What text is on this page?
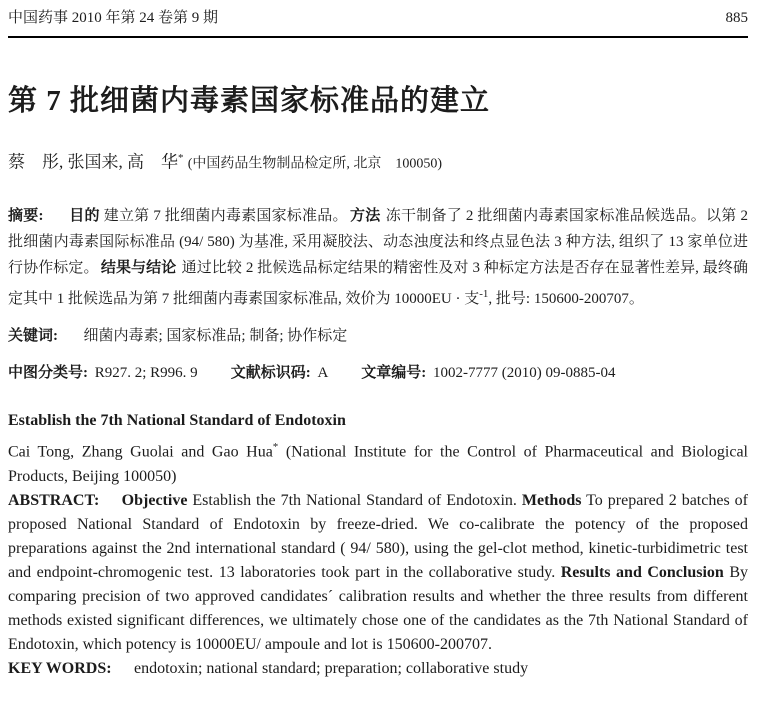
中国药事 2010 年第 24 卷第 9 期	885
第 7 批细菌内毒素国家标准品的建立

蔡　彤, 张国来, 高　华* (中国药品生物制品检定所, 北京　100050)

摘要: 目的 建立第 7 批细菌内毒素国家标准品。 方法 冻干制备了 2 批细菌内毒素国家标准品候选品。以第 2 批细菌内毒素国际标准品 (94/ 580) 为基准, 采用凝胶法、动态浊度法和终点显色法 3 种方法, 组织了 13 家单位进行协作标定。 结果与结论 通过比较 2 批候选品标定结果的精密性及对 3 种标定方法是否存在显著性差异, 最终确定其中 1 批候选品为第 7 批细菌内毒素国家标准品, 效价为 10000EU · 支$^{-1}$, 批号: 150600-200707。

关键词: 细菌内毒素; 国家标准品; 制备; 协作标定

中图分类号: R927. 2; R996. 9 文献标识码: A 文章编号: 1002-7777 (2010) 09-0885-04

Establish the 7th National Standard of Endotoxin

Cai Tong, Zhang Guolai and Gao Hua* (National Institute for the Control of Pharmaceutical and Biological Products, Beijing 100050)

ABSTRACT: Objective Establish the 7th National Standard of Endotoxin. Methods To prepared 2 batches of proposed National Standard of Endotoxin by freeze-dried. We co-calibrate the potency of the proposed preparations against the 2nd international standard ( 94/ 580), using the gel-clot method, kinetic-turbidimetric test and endpoint-chromogenic test. 13 laboratories took part in the collaborative study. Results and Conclusion By comparing precision of two approved candidates´ calibration results and whether the three results from different methods existed significant differences, we ultimately chose one of the candidates as the 7th National Standard of Endotoxin, which potency is 10000EU/ ampoule and lot is 150600-200707.

KEY WORDS: endotoxin; national standard; preparation; collaborative study
